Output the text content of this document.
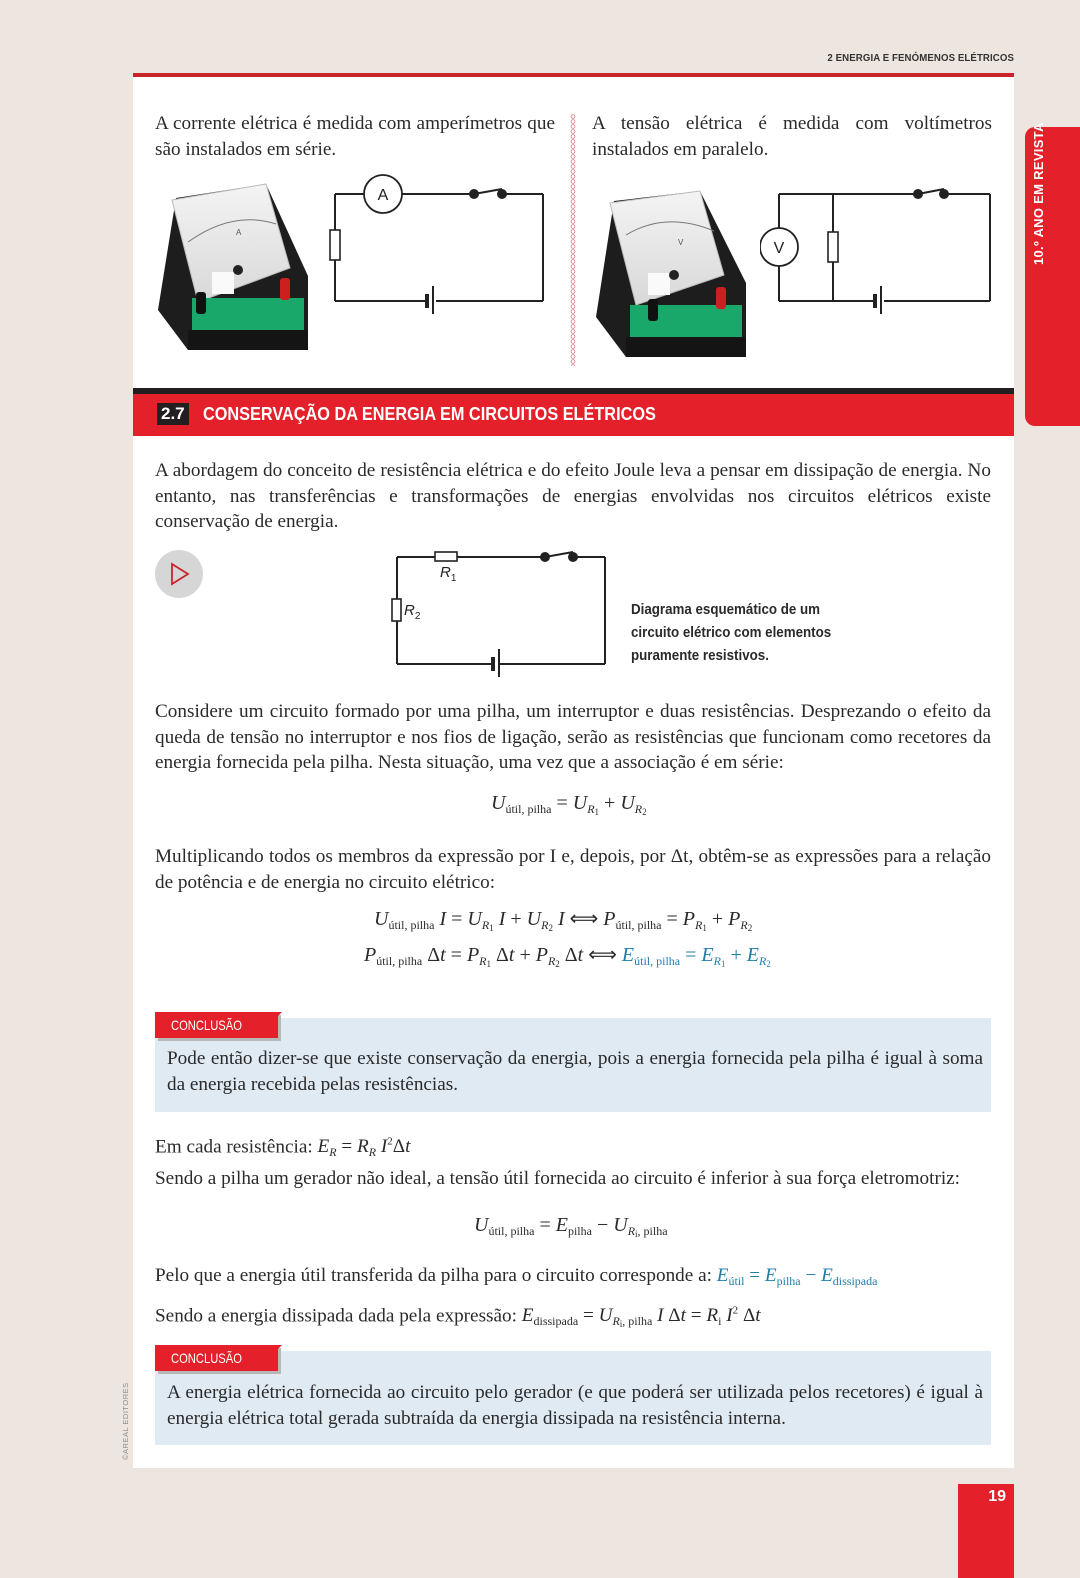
2 ENERGIA E FENÓMENOS ELÉTRICOS
10.º ANO EM REVISTA
A corrente elétrica é medida com amperímetros que são instalados em série.
A
A
A tensão elétrica é medida com voltímetros instalados em paralelo.
V	V
2.7 CONSERVAÇÃO DA ENERGIA EM CIRCUITOS ELÉTRICOS
A abordagem do conceito de resistência elétrica e do efeito Joule leva a pensar em dissipação de energia. No entanto, nas transferências e transformações de energias envolvidas nos circuitos elétricos existe conservação de energia.
$R_1$
$R_2$	Diagrama esquemático de um circuito elétrico com elementos puramente resistivos.
Considere um circuito formado por uma pilha, um interruptor e duas resistências. Desprezando o efeito da queda de tensão no interruptor e nos fios de ligação, serão as resistências que funcionam como recetores da energia fornecida pela pilha. Nesta situação, uma vez que a associação é em série:
$U_{útil, pilha} = U_{R_1} + U_{R_2}$
Multiplicando todos os membros da expressão por I e, depois, por Δt, obtêm-se as expressões para a relação de potência e de energia no circuito elétrico:
$U_{útil, pilha}$ $I = U_{R_1}$ $I + U_{R_2}$ I ⟺ $P_{útil, pilha} = P_{R_1} + P_{R_2}$
$P_{útil, pilha}$ $\Delta t = P_{R_1}$ $\Delta t + P_{R_2}$ Δt ⟺ $E_{útil, pilha} = E_{R_1} + E_{R_2}$
CONCLUSÃO
Pode então dizer-se que existe conservação da energia, pois a energia fornecida pela pilha é igual à soma da energia recebida pelas resistências.
Em cada resistência: $E_R = R_R$ $I^2\Delta t$
Sendo a pilha um gerador não ideal, a tensão útil fornecida ao circuito é inferior à sua força eletromotriz:
$U_{útil, pilha} = E_{pilha} - U_{R_i, pilha}$
Pelo que a energia útil transferida da pilha para o circuito corresponde a: $E_{útil} = E_{pilha} - E_{dissipada}$
Sendo a energia dissipada dada pela expressão: $E_{dissipada} = U_{R_i, pilha}$ I $\Delta t = R_i$ $I^2$ Δt
CONCLUSÃO
A energia elétrica fornecida ao circuito pelo gerador (e que poderá ser utilizada pelos recetores) é igual à energia elétrica total gerada subtraída da energia dissipada na resistência interna.
©AREAL EDITORES
19
